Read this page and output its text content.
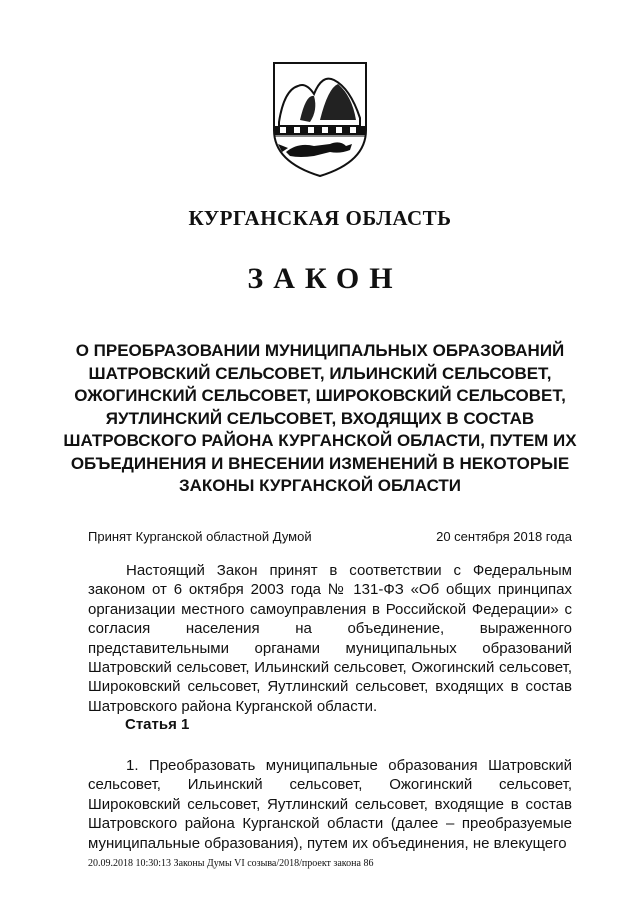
КУРГАНСКАЯ ОБЛАСТЬ
ЗАКОН
О ПРЕОБРАЗОВАНИИ МУНИЦИПАЛЬНЫХ ОБРАЗОВАНИЙ ШАТРОВСКИЙ СЕЛЬСОВЕТ, ИЛЬИНСКИЙ СЕЛЬСОВЕТ, ОЖОГИНСКИЙ СЕЛЬСОВЕТ, ШИРОКОВСКИЙ СЕЛЬСОВЕТ, ЯУТЛИНСКИЙ СЕЛЬСОВЕТ, ВХОДЯЩИХ В СОСТАВ ШАТРОВСКОГО РАЙОНА КУРГАНСКОЙ ОБЛАСТИ, ПУТЕМ ИХ ОБЪЕДИНЕНИЯ И ВНЕСЕНИИ ИЗМЕНЕНИЙ В НЕКОТОРЫЕ ЗАКОНЫ КУРГАНСКОЙ ОБЛАСТИ
Принят Курганской областной Думой	20 сентября 2018 года

Настоящий Закон принят в соответствии с Федеральным законом от 6 октября 2003 года № 131-ФЗ «Об общих принципах организации местного самоуправления в Российской Федерации» с согласия населения на объединение, выраженного представительными органами муниципальных образований Шатровский сельсовет, Ильинский сельсовет, Ожогинский сельсовет, Широковский сельсовет, Яутлинский сельсовет, входящих в состав Шатровского района Курганской области.

Статья 1

1. Преобразовать муниципальные образования Шатровский сельсовет, Ильинский сельсовет, Ожогинский сельсовет, Широковский сельсовет, Яутлинский сельсовет, входящие в состав Шатровского района Курганской области (далее – преобразуемые муниципальные образования), путем их объединения, не влекущего

20.09.2018 10:30:13 Законы Думы VI созыва/2018/проект закона 86
